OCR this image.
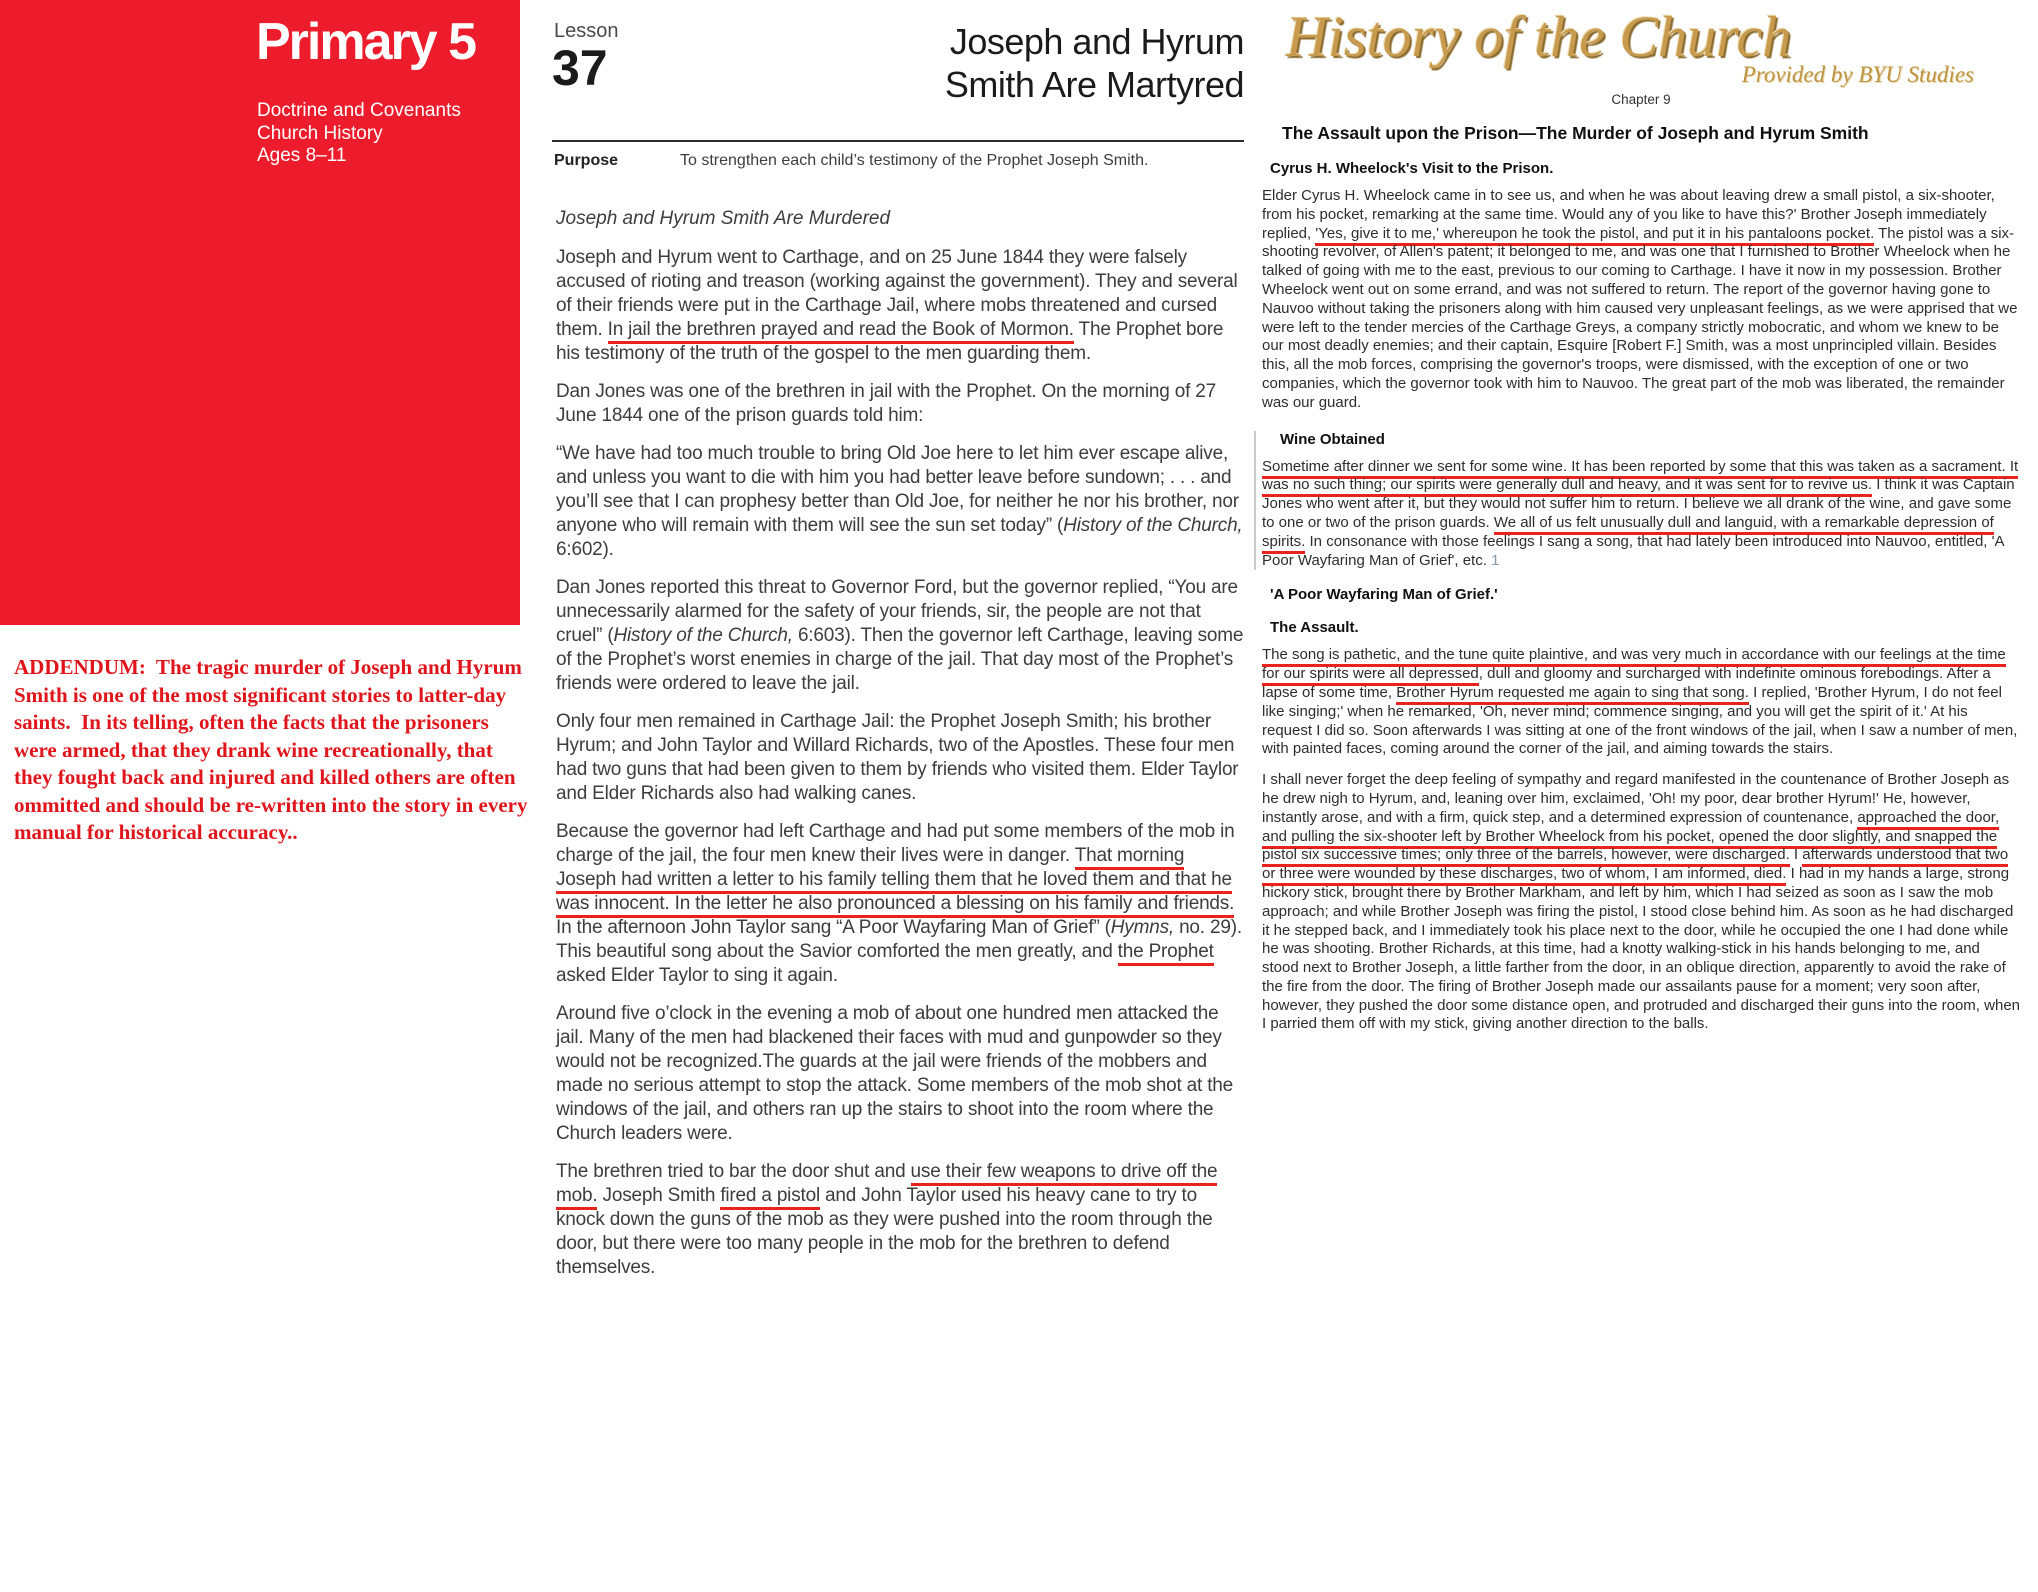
Primary 5
Doctrine and Covenants
Church History
Ages 8–11
ADDENDUM:  The tragic murder of Joseph and Hyrum Smith is one of the most significant stories to latter-day saints.  In its telling, often the facts that the prisoners were armed, that they drank wine recreationally, that they fought back and injured and killed others are often ommitted and should be re-written into the story in every manual for historical accuracy..
Lesson
37	Joseph and Hyrum
Smith Are Martyred
Purpose	To strengthen each child’s testimony of the Prophet Joseph Smith.
Joseph and Hyrum Smith Are Murdered

Joseph and Hyrum went to Carthage, and on 25 June 1844 they were falsely accused of rioting and treason (working against the government). They and several of their friends were put in the Carthage Jail, where mobs threatened and cursed them. In jail the brethren prayed and read the Book of Mormon. The Prophet bore his testimony of the truth of the gospel to the men guarding them.

Dan Jones was one of the brethren in jail with the Prophet. On the morning of 27 June 1844 one of the prison guards told him:

“We have had too much trouble to bring Old Joe here to let him ever escape alive, and unless you want to die with him you had better leave before sundown; . . . and you’ll see that I can prophesy better than Old Joe, for neither he nor his brother, nor anyone who will remain with them will see the sun set today” (History of the Church, 6:602).

Dan Jones reported this threat to Governor Ford, but the governor replied, “You are unnecessarily alarmed for the safety of your friends, sir, the people are not that cruel” (History of the Church, 6:603). Then the governor left Carthage, leaving some of the Prophet’s worst enemies in charge of the jail. That day most of the Prophet’s friends were ordered to leave the jail.

Only four men remained in Carthage Jail: the Prophet Joseph Smith; his brother Hyrum; and John Taylor and Willard Richards, two of the Apostles. These four men had two guns that had been given to them by friends who visited them. Elder Taylor and Elder Richards also had walking canes.

Because the governor had left Carthage and had put some members of the mob in charge of the jail, the four men knew their lives were in danger. That morning Joseph had written a letter to his family telling them that he loved them and that he was innocent. In the letter he also pronounced a blessing on his family and friends. In the afternoon John Taylor sang “A Poor Wayfaring Man of Grief” (Hymns, no. 29). This beautiful song about the Savior comforted the men greatly, and the Prophet asked Elder Taylor to sing it again.

Around five o’clock in the evening a mob of about one hundred men attacked the jail. Many of the men had blackened their faces with mud and gunpowder so they would not be recognized.The guards at the jail were friends of the mobbers and made no serious attempt to stop the attack. Some members of the mob shot at the windows of the jail, and others ran up the stairs to shoot into the room where the Church leaders were.

The brethren tried to bar the door shut and use their few weapons to drive off the mob. Joseph Smith fired a pistol and John Taylor used his heavy cane to try to knock down the guns of the mob as they were pushed into the room through the door, but there were too many people in the mob for the brethren to defend themselves.

History of the Church
Provided by BYU Studies
Chapter 9
The Assault upon the Prison—The Murder of Joseph and Hyrum Smith
Cyrus H. Wheelock's Visit to the Prison.

Elder Cyrus H. Wheelock came in to see us, and when he was about leaving drew a small pistol, a six-shooter, from his pocket, remarking at the same time. Would any of you like to have this?' Brother Joseph immediately replied, 'Yes, give it to me,' whereupon he took the pistol, and put it in his pantaloons pocket. The pistol was a six-shooting revolver, of Allen's patent; it belonged to me, and was one that I furnished to Brother Wheelock when he talked of going with me to the east, previous to our coming to Carthage. I have it now in my possession. Brother Wheelock went out on some errand, and was not suffered to return. The report of the governor having gone to Nauvoo without taking the prisoners along with him caused very unpleasant feelings, as we were apprised that we were left to the tender mercies of the Carthage Greys, a company strictly mobocratic, and whom we knew to be our most deadly enemies; and their captain, Esquire [Robert F.] Smith, was a most unprincipled villain. Besides this, all the mob forces, comprising the governor's troops, were dismissed, with the exception of one or two companies, which the governor took with him to Nauvoo. The great part of the mob was liberated, the remainder was our guard.

Wine Obtained

Sometime after dinner we sent for some wine. It has been reported by some that this was taken as a sacrament. It was no such thing; our spirits were generally dull and heavy, and it was sent for to revive us. I think it was Captain Jones who went after it, but they would not suffer him to return. I believe we all drank of the wine, and gave some to one or two of the prison guards. We all of us felt unusually dull and languid, with a remarkable depression of spirits. In consonance with those feelings I sang a song, that had lately been introduced into Nauvoo, entitled, 'A Poor Wayfaring Man of Grief', etc. 1

'A Poor Wayfaring Man of Grief.'
The Assault.

The song is pathetic, and the tune quite plaintive, and was very much in accordance with our feelings at the time for our spirits were all depressed, dull and gloomy and surcharged with indefinite ominous forebodings. After a lapse of some time, Brother Hyrum requested me again to sing that song. I replied, 'Brother Hyrum, I do not feel like singing;' when he remarked, 'Oh, never mind; commence singing, and you will get the spirit of it.' At his request I did so. Soon afterwards I was sitting at one of the front windows of the jail, when I saw a number of men, with painted faces, coming around the corner of the jail, and aiming towards the stairs.

I shall never forget the deep feeling of sympathy and regard manifested in the countenance of Brother Joseph as he drew nigh to Hyrum, and, leaning over him, exclaimed, 'Oh! my poor, dear brother Hyrum!' He, however, instantly arose, and with a firm, quick step, and a determined expression of countenance, approached the door, and pulling the six-shooter left by Brother Wheelock from his pocket, opened the door slightly, and snapped the pistol six successive times; only three of the barrels, however, were discharged. I afterwards understood that two or three were wounded by these discharges, two of whom, I am informed, died. I had in my hands a large, strong hickory stick, brought there by Brother Markham, and left by him, which I had seized as soon as I saw the mob approach; and while Brother Joseph was firing the pistol, I stood close behind him. As soon as he had discharged it he stepped back, and I immediately took his place next to the door, while he occupied the one I had done while he was shooting. Brother Richards, at this time, had a knotty walking-stick in his hands belonging to me, and stood next to Brother Joseph, a little farther from the door, in an oblique direction, apparently to avoid the rake of the fire from the door. The firing of Brother Joseph made our assailants pause for a moment; very soon after, however, they pushed the door some distance open, and protruded and discharged their guns into the room, when I parried them off with my stick, giving another direction to the balls.
